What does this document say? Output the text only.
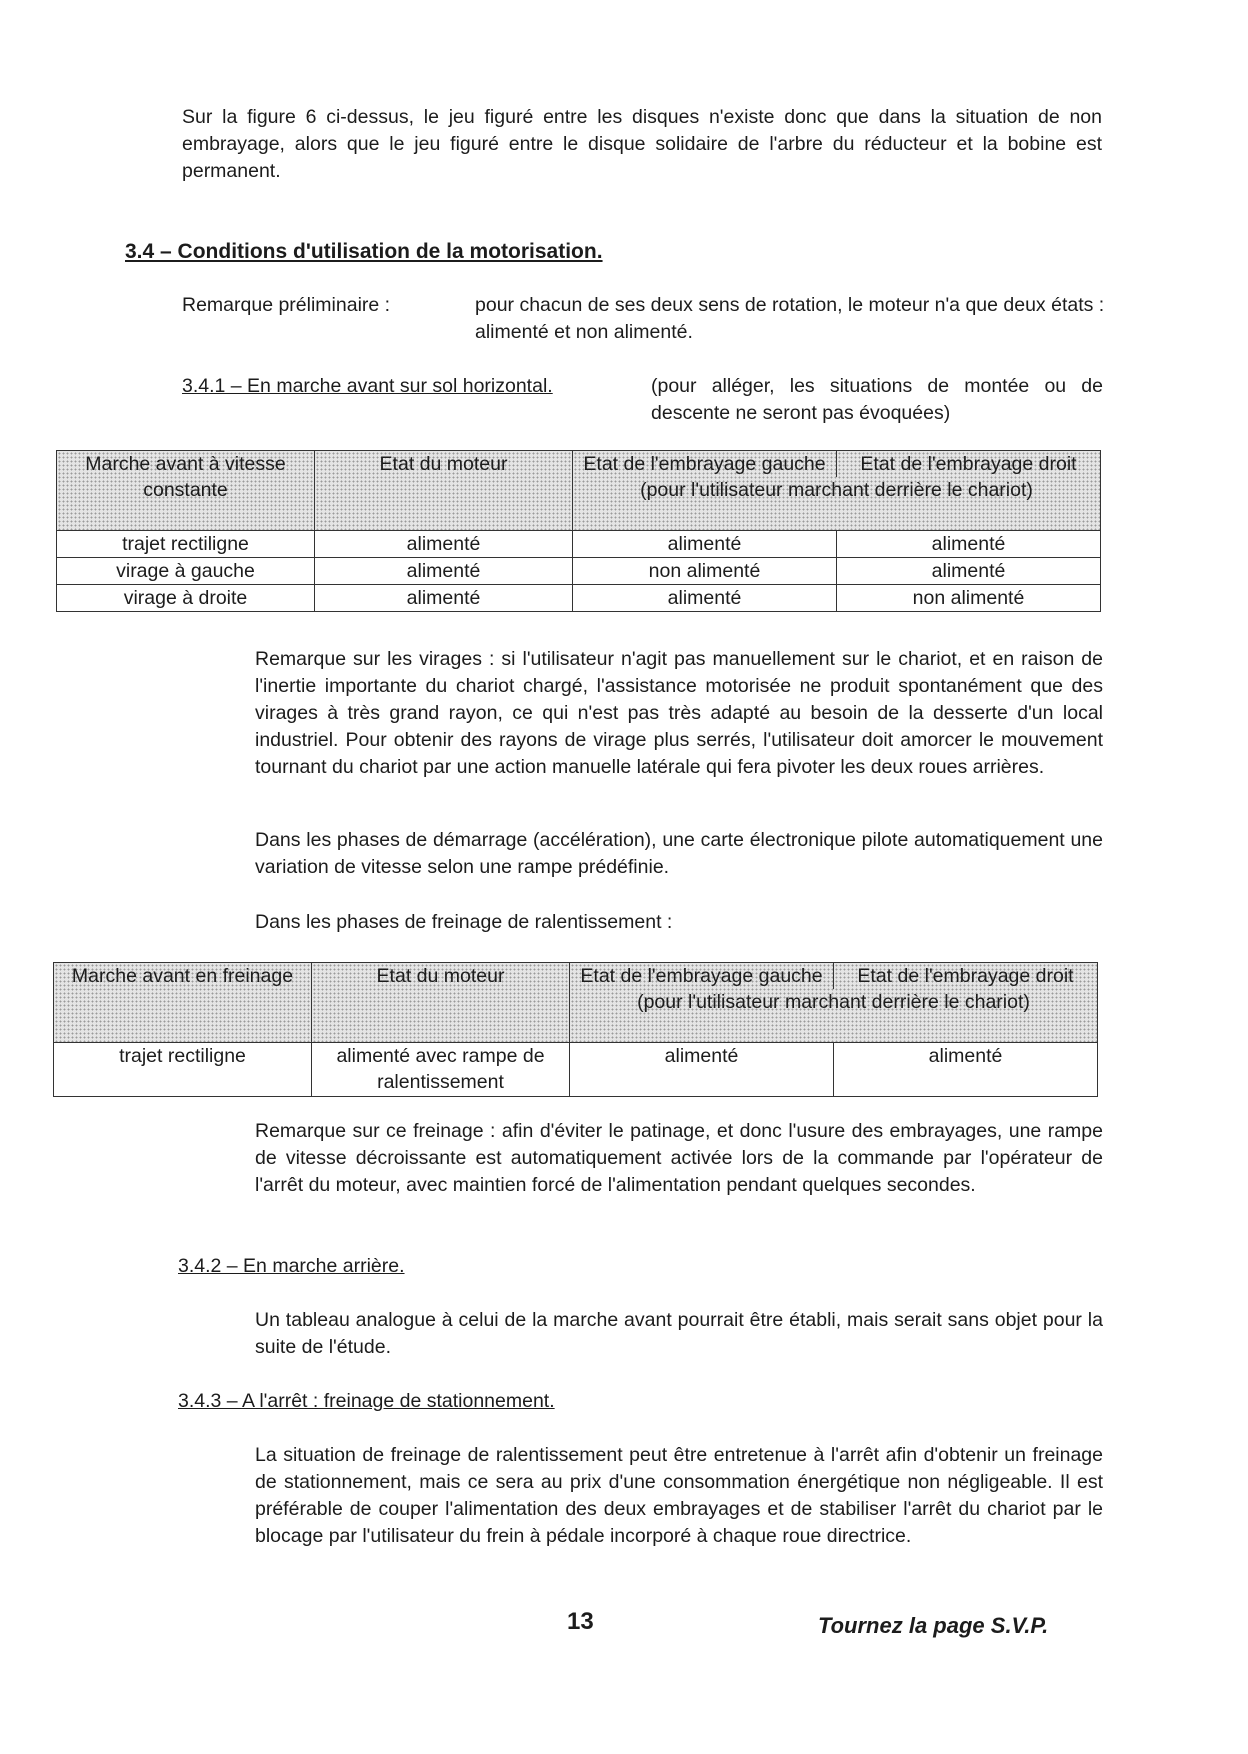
Sur la figure 6 ci-dessus, le jeu figuré entre les disques n'existe donc que dans la situation de non embrayage, alors que le jeu figuré entre le disque solidaire de l'arbre du réducteur et la bobine est permanent.

3.4 – Conditions d'utilisation de la motorisation.
Remarque préliminaire :	pour chacun de ses deux sens de rotation, le moteur n'a que deux états : alimenté et non alimenté.

3.4.1 – En marche avant sur sol horizontal.	(pour alléger, les situations de montée ou de descente ne seront pas évoquées)

Marche avant à vitesse constante	Etat du moteur	Etat de l'embrayage gauche Etat de l'embrayage droit
(pour l'utilisateur marchant derrière le chariot)	

trajet rectiligne	alimenté	alimenté	alimenté
virage à gauche	alimenté	non alimenté	alimenté
virage à droite	alimenté	alimenté	non alimenté

Remarque sur les virages : si l'utilisateur n'agit pas manuellement sur le chariot, et en raison de l'inertie importante du chariot chargé, l'assistance motorisée ne produit spontanément que des virages à très grand rayon, ce qui n'est pas très adapté au besoin de la desserte d'un local industriel. Pour obtenir des rayons de virage plus serrés, l'utilisateur doit amorcer le mouvement tournant du chariot par une action manuelle latérale qui fera pivoter les deux roues arrières.

Dans les phases de démarrage (accélération), une carte électronique pilote automatiquement une variation de vitesse selon une rampe prédéfinie.

Dans les phases de freinage de ralentissement :

Marche avant en freinage	Etat du moteur	Etat de l'embrayage gauche Etat de l'embrayage droit
(pour l'utilisateur marchant derrière le chariot)	

trajet rectiligne	alimenté avec rampe de ralentissement	alimenté	alimenté

Remarque sur ce freinage : afin d'éviter le patinage, et donc l'usure des embrayages, une rampe de vitesse décroissante est automatiquement activée lors de la commande par l'opérateur de l'arrêt du moteur, avec maintien forcé de l'alimentation pendant quelques secondes.

3.4.2 – En marche arrière.

Un tableau analogue à celui de la marche avant pourrait être établi, mais serait sans objet pour la suite de l'étude.

3.4.3 – A l'arrêt : freinage de stationnement.

La situation de freinage de ralentissement peut être entretenue à l'arrêt afin d'obtenir un freinage de stationnement, mais ce sera au prix d'une consommation énergétique non négligeable. Il est préférable de couper l'alimentation des deux embrayages et de stabiliser l'arrêt du chariot par le blocage par l'utilisateur du frein à pédale incorporé à chaque roue directrice.

13	Tournez la page S.V.P.
